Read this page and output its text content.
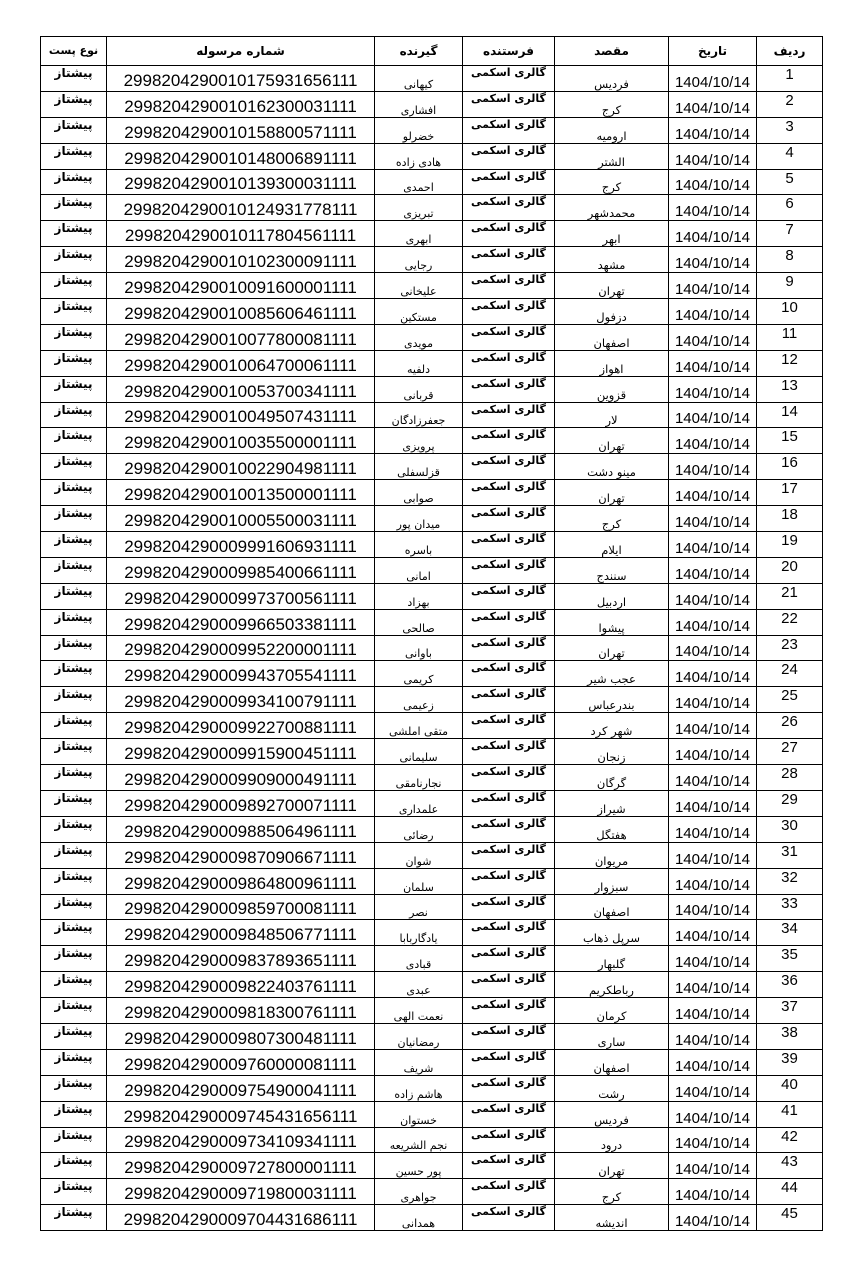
نوع پست	شماره مرسوله	گیرنده	فرستنده	مقصد	تاریخ	ردیف
پیشتاز	2998204290010175931656111	کیهانی	گالری اسکمی	فردیس	1404/10/14	1
پیشتاز	2998204290010162300031111	افشاری	گالری اسکمی	کرج	1404/10/14	2
پیشتاز	2998204290010158800571111	خضرلو	گالری اسکمی	ارومیه	1404/10/14	3
پیشتاز	2998204290010148006891111	هادی زاده	گالری اسکمی	الشتر	1404/10/14	4
پیشتاز	2998204290010139300031111	احمدی	گالری اسکمی	کرج	1404/10/14	5
پیشتاز	2998204290010124931778111	تبریزی	گالری اسکمی	محمدشهر	1404/10/14	6
پیشتاز	2998204290010117804561111	ابهری	گالری اسکمی	ابهر	1404/10/14	7
پیشتاز	2998204290010102300091111	رجایی	گالری اسکمی	مشهد	1404/10/14	8
پیشتاز	2998204290010091600001111	علیخانی	گالری اسکمی	تهران	1404/10/14	9
پیشتاز	2998204290010085606461111	مستکین	گالری اسکمی	دزفول	1404/10/14	10
پیشتاز	2998204290010077800081111	مویدی	گالری اسکمی	اصفهان	1404/10/14	11
پیشتاز	2998204290010064700061111	دلفیه	گالری اسکمی	اهواز	1404/10/14	12
پیشتاز	2998204290010053700341111	قربانی	گالری اسکمی	قزوین	1404/10/14	13
پیشتاز	2998204290010049507431111	جعفرزادگان	گالری اسکمی	لار	1404/10/14	14
پیشتاز	2998204290010035500001111	پرویزی	گالری اسکمی	تهران	1404/10/14	15
پیشتاز	2998204290010022904981111	قزلسفلی	گالری اسکمی	مینو دشت	1404/10/14	16
پیشتاز	2998204290010013500001111	صوابی	گالری اسکمی	تهران	1404/10/14	17
پیشتاز	2998204290010005500031111	میدان پور	گالری اسکمی	کرج	1404/10/14	18
پیشتاز	2998204290009991606931111	باسره	گالری اسکمی	ایلام	1404/10/14	19
پیشتاز	2998204290009985400661111	امانی	گالری اسکمی	سنندج	1404/10/14	20
پیشتاز	2998204290009973700561111	بهزاد	گالری اسکمی	اردبیل	1404/10/14	21
پیشتاز	2998204290009966503381111	صالحی	گالری اسکمی	پیشوا	1404/10/14	22
پیشتاز	2998204290009952200001111	باوانی	گالری اسکمی	تهران	1404/10/14	23
پیشتاز	2998204290009943705541111	کریمی	گالری اسکمی	عجب شیر	1404/10/14	24
پیشتاز	2998204290009934100791111	زعیمی	گالری اسکمی	بندرعباس	1404/10/14	25
پیشتاز	2998204290009922700881111	متقی املشی	گالری اسکمی	شهر کرد	1404/10/14	26
پیشتاز	2998204290009915900451111	سلیمانی	گالری اسکمی	زنجان	1404/10/14	27
پیشتاز	2998204290009909000491111	نجارنامقی	گالری اسکمی	گرگان	1404/10/14	28
پیشتاز	2998204290009892700071111	علمداری	گالری اسکمی	شیراز	1404/10/14	29
پیشتاز	2998204290009885064961111	رضائی	گالری اسکمی	هفتگل	1404/10/14	30
پیشتاز	2998204290009870906671111	شوان	گالری اسکمی	مریوان	1404/10/14	31
پیشتاز	2998204290009864800961111	سلمان	گالری اسکمی	سبزوار	1404/10/14	32
پیشتاز	2998204290009859700081111	نصر	گالری اسکمی	اصفهان	1404/10/14	33
پیشتاز	2998204290009848506771111	یادگاربابا	گالری اسکمی	سرپل ذهاب	1404/10/14	34
پیشتاز	2998204290009837893651111	قبادی	گالری اسکمی	گلبهار	1404/10/14	35
پیشتاز	2998204290009822403761111	عبدی	گالری اسکمی	رباطکریم	1404/10/14	36
پیشتاز	2998204290009818300761111	نعمت الهی	گالری اسکمی	کرمان	1404/10/14	37
پیشتاز	2998204290009807300481111	رمضانیان	گالری اسکمی	ساری	1404/10/14	38
پیشتاز	2998204290009760000081111	شریف	گالری اسکمی	اصفهان	1404/10/14	39
پیشتاز	2998204290009754900041111	هاشم زاده	گالری اسکمی	رشت	1404/10/14	40
پیشتاز	2998204290009745431656111	خستوان	گالری اسکمی	فردیس	1404/10/14	41
پیشتاز	2998204290009734109341111	نجم الشریعه	گالری اسکمی	درود	1404/10/14	42
پیشتاز	2998204290009727800001111	پور حسین	گالری اسکمی	تهران	1404/10/14	43
پیشتاز	2998204290009719800031111	جواهری	گالری اسکمی	کرج	1404/10/14	44
پیشتاز	2998204290009704431686111	همدانی	گالری اسکمی	اندیشه	1404/10/14	45
